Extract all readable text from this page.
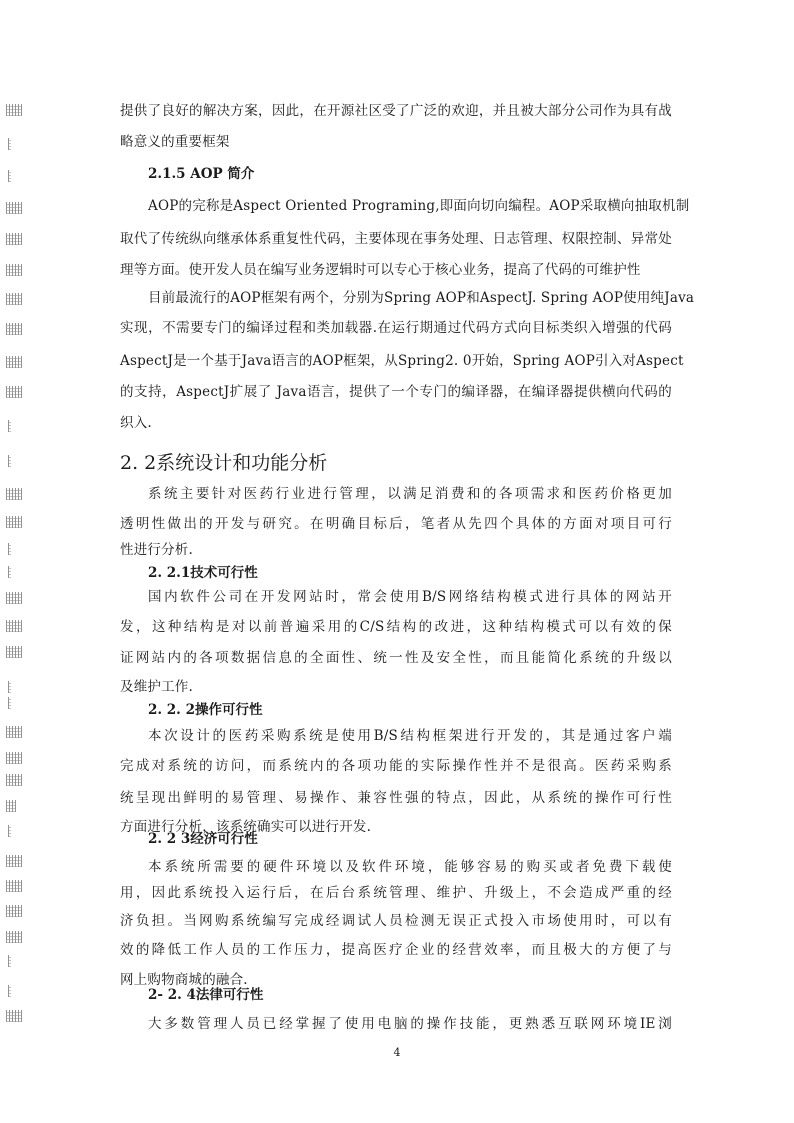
提供了良好的解决方案，因此，在开源社区受了广泛的欢迎，并且被大部分公司作为具有战
略意义的重要框架
2.1.5 AOP 简介
AOP的完称是Aspect Oriented Programing,即面向切向编程。AOP采取横向抽取机制
取代了传统纵向继承体系重复性代码，主要体现在事务处理、日志管理、权限控制、异常处
理等方面。使开发人员在编写业务逻辑时可以专心于核心业务，提高了代码的可维护性
目前最流行的AOP框架有两个，分别为Spring AOP和AspectJ. Spring AOP使用纯Java
实现，不需要专门的编译过程和类加载器.在运行期通过代码方式向目标类织入增强的代码
AspectJ是一个基于Java语言的AOP框架，从Spring2. 0开始，Spring AOP引入对Aspect
的支持，AspectJ扩展了 Java语言，提供了一个专门的编译器，在编译器提供横向代码的
织入.
2. 2系统设计和功能分析
系统主要针对医药行业进行管理，以满足消费和的各项需求和医药价格更加
透明性做出的开发与研究。在明确目标后，笔者从先四个具体的方面对项目可行
性进行分析.
2. 2.1技术可行性
国内软件公司在开发网站时，常会使用B/S网络结构模式进行具体的网站开
发，这种结构是对以前普遍采用的C/S结构的改进，这种结构模式可以有效的保
证网站内的各项数据信息的全面性、统一性及安全性，而且能简化系统的升级以
及维护工作.
2. 2. 2操作可行性
本次设计的医药采购系统是使用B/S结构框架进行开发的，其是通过客户端
完成对系统的访问，而系统内的各项功能的实际操作性并不是很高。医药采购系
统呈现出鲜明的易管理、易操作、兼容性强的特点，因此，从系统的操作可行性
方面进行分析，该系统确实可以进行开发.
2. 2 3经济可行性
本系统所需要的硬件环境以及软件环境，能够容易的购买或者免费下载使
用，因此系统投入运行后，在后台系统管理、维护、升级上，不会造成严重的经
济负担。当网购系统编写完成经调试人员检测无误正式投入市场使用时，可以有
效的降低工作人员的工作压力，提高医疗企业的经营效率，而且极大的方便了与
网上购物商城的融合.
2- 2. 4法律可行性
大多数管理人员已经掌握了使用电脑的操作技能，更熟悉互联网环境IE浏
4
